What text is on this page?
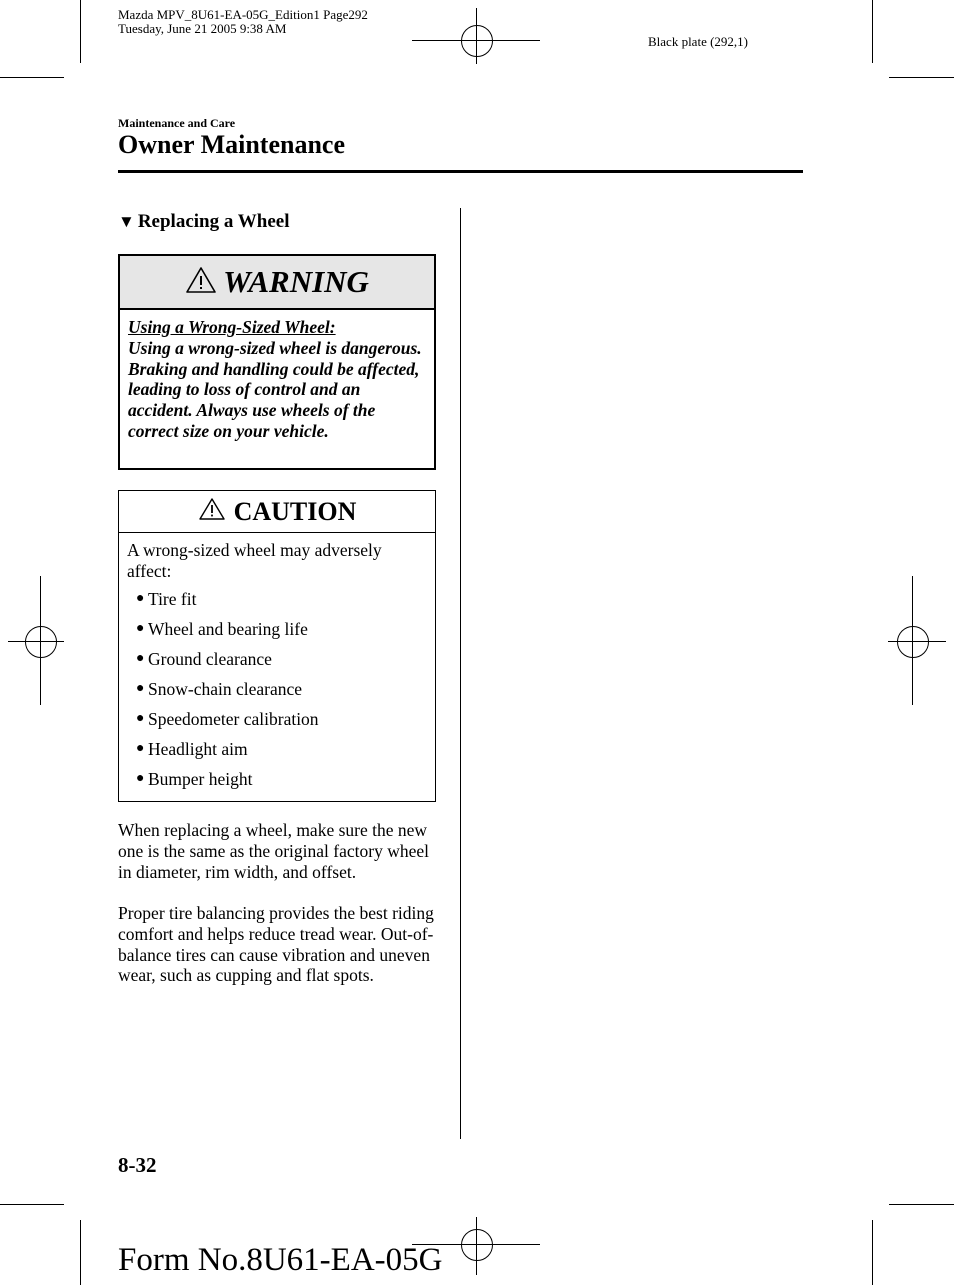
Mazda MPV_8U61-EA-05G_Edition1 Page292
Tuesday, June 21 2005 9:38 AM
Black plate (292,1)
Maintenance and Care
Owner Maintenance
▼ Replacing a Wheel
WARNING
Using a Wrong-Sized Wheel:
Using a wrong-sized wheel is dangerous. Braking and handling could be affected, leading to loss of control and an accident. Always use wheels of the correct size on your vehicle.
CAUTION
A wrong-sized wheel may adversely affect:
● Tire fit
● Wheel and bearing life
● Ground clearance
● Snow-chain clearance
● Speedometer calibration
● Headlight aim
● Bumper height
When replacing a wheel, make sure the new one is the same as the original factory wheel in diameter, rim width, and offset.
Proper tire balancing provides the best riding comfort and helps reduce tread wear. Out-of-balance tires can cause vibration and uneven wear, such as cupping and flat spots.
8-32
Form No.8U61-EA-05G
